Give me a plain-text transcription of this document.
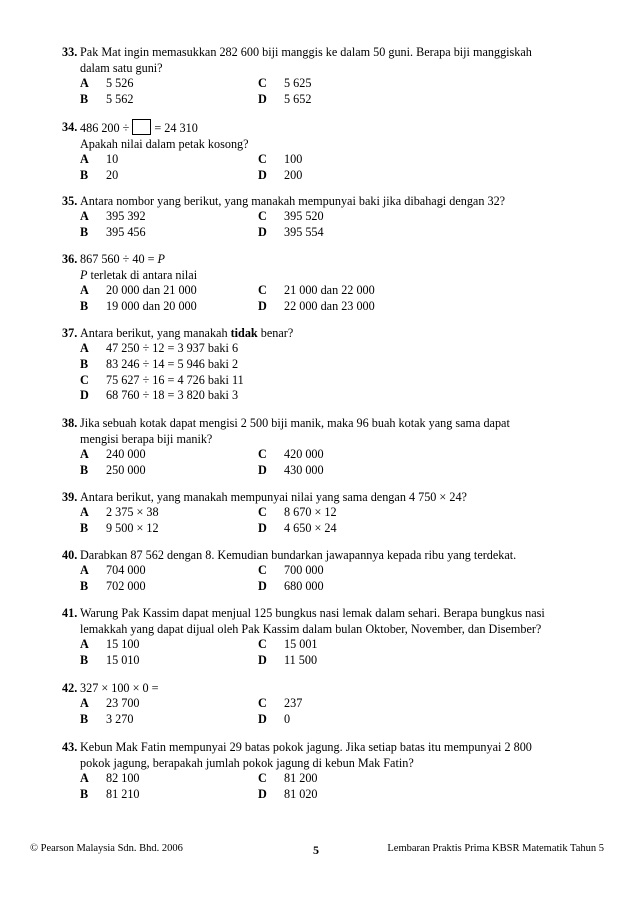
33. Pak Mat ingin memasukkan 282 600 biji manggis ke dalam 50 guni. Berapa biji manggiskah
dalam satu guni?
A	5 526	C	5 625
B	5 562	D	5 652
34. 486 200 ÷ = 24 310
Apakah nilai dalam petak kosong?
A	10	C	100
B	20	D	200
35. Antara nombor yang berikut, yang manakah mempunyai baki jika dibahagi dengan 32?
A	395 392	C	395 520
B	395 456	D	395 554
36. 867 560 ÷ 40 = P
P terletak di antara nilai
A	20 000 dan 21 000	C	21 000 dan 22 000
B	19 000 dan 20 000	D	22 000 dan 23 000
37. Antara berikut, yang manakah tidak benar?
A	47 250 ÷ 12 = 3 937 baki 6
B	83 246 ÷ 14 = 5 946 baki 2
C	75 627 ÷ 16 = 4 726 baki 11
D	68 760 ÷ 18 = 3 820 baki 3
38. Jika sebuah kotak dapat mengisi 2 500 biji manik, maka 96 buah kotak yang sama dapat
mengisi berapa biji manik?
A	240 000	C	420 000
B	250 000	D	430 000
39. Antara berikut, yang manakah mempunyai nilai yang sama dengan 4 750 × 24?
A	2 375 × 38	C	8 670 × 12
B	9 500 × 12	D	4 650 × 24
40. Darabkan 87 562 dengan 8. Kemudian bundarkan jawapannya kepada ribu yang terdekat.
A	704 000	C	700 000
B	702 000	D	680 000
41. Warung Pak Kassim dapat menjual 125 bungkus nasi lemak dalam sehari. Berapa bungkus nasi
lemakkah yang dapat dijual oleh Pak Kassim dalam bulan Oktober, November, dan Disember?
A	15 100	C	15 001
B	15 010	D	11 500
42. 327 × 100 × 0 =
A	23 700	C	237
B	3 270	D	0
43. Kebun Mak Fatin mempunyai 29 batas pokok jagung. Jika setiap batas itu mempunyai 2 800
pokok jagung, berapakah jumlah pokok jagung di kebun Mak Fatin?
A	82 100	C	81 200
B	81 210	D	81 020
© Pearson Malaysia Sdn. Bhd. 2006	5	Lembaran Praktis Prima KBSR Matematik Tahun 5
